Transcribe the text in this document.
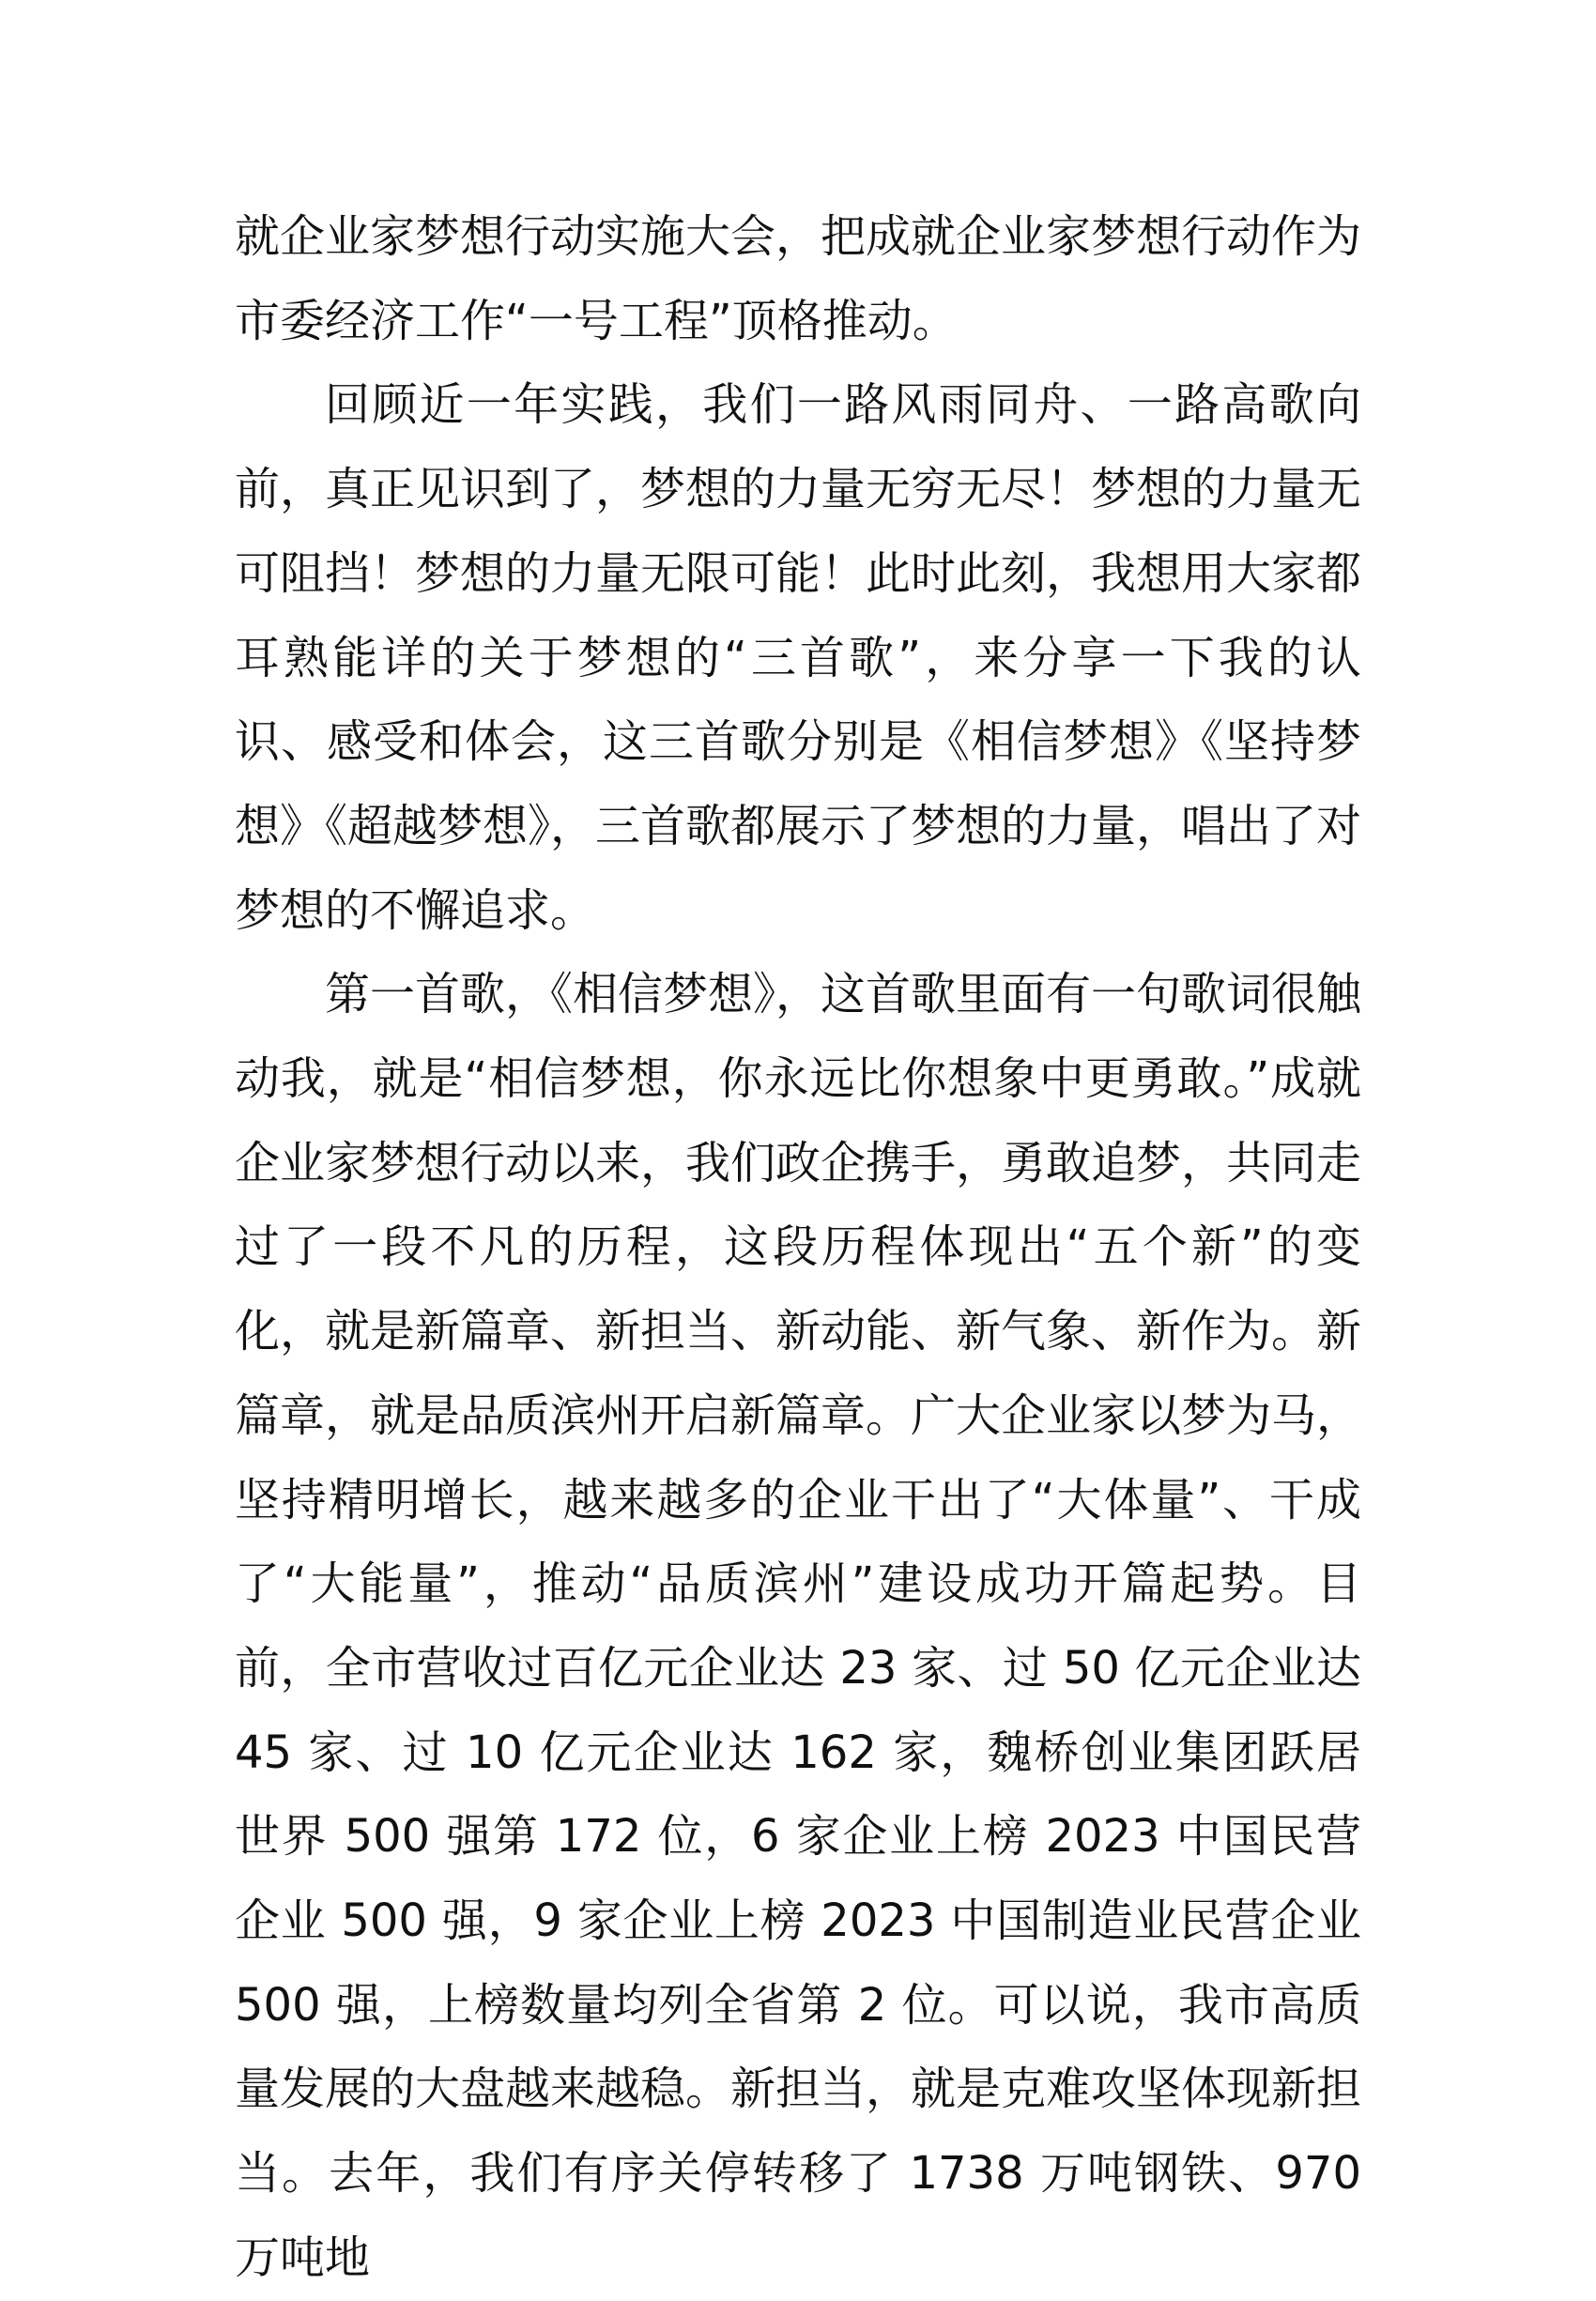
就企业家梦想行动实施大会，把成就企业家梦想行动作为市委经济工作“一号工程”顶格推动。

回顾近一年实践，我们一路风雨同舟、一路高歌向前，真正见识到了，梦想的力量无穷无尽！梦想的力量无可阻挡！梦想的力量无限可能！此时此刻，我想用大家都耳熟能详的关于梦想的“三首歌”，来分享一下我的认识、感受和体会，这三首歌分别是《相信梦想》《坚持梦想》《超越梦想》，三首歌都展示了梦想的力量，唱出了对梦想的不懈追求。

第一首歌，《相信梦想》，这首歌里面有一句歌词很触动我，就是“相信梦想，你永远比你想象中更勇敢。”成就企业家梦想行动以来，我们政企携手，勇敢追梦，共同走过了一段不凡的历程，这段历程体现出“五个新”的变化，就是新篇章、新担当、新动能、新气象、新作为。新篇章，就是品质滨州开启新篇章。广大企业家以梦为马，坚持精明增长，越来越多的企业干出了“大体量”、干成了“大能量”，推动“品质滨州”建设成功开篇起势。目前，全市营收过百亿元企业达 23 家、过 50 亿元企业达 45 家、过 10 亿元企业达 162 家，魏桥创业集团跃居世界 500 强第 172 位，6 家企业上榜 2023 中国民营企业 500 强，9 家企业上榜 2023 中国制造业民营企业 500 强，上榜数量均列全省第 2 位。可以说，我市高质量发展的大盘越来越稳。新担当，就是克难攻坚体现新担当。去年，我们有序关停转移了 1738 万吨钢铁、970 万吨地
